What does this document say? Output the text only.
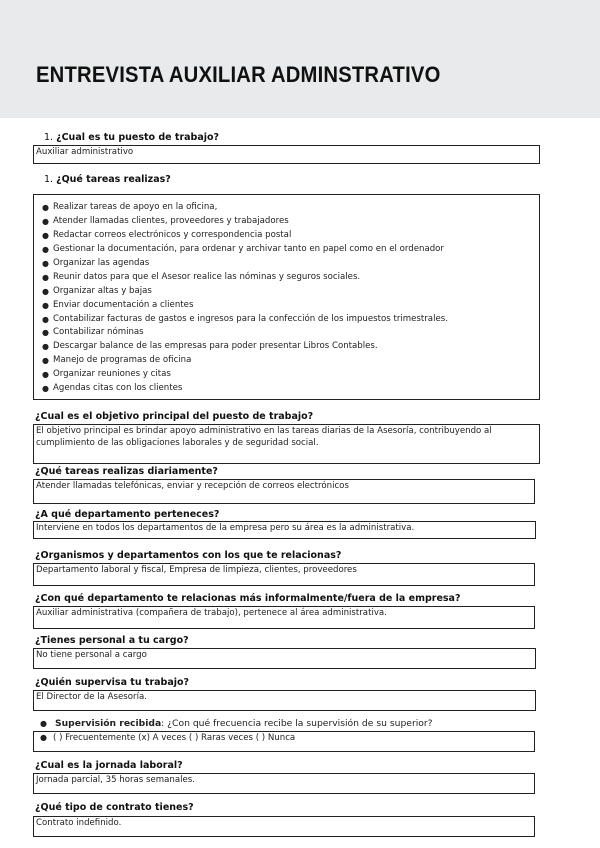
ENTREVISTA AUXILIAR ADMINSTRATIVO
1. ¿Cual es tu puesto de trabajo?
Auxiliar administrativo
1. ¿Qué tareas realizas?
● Realizar tareas de apoyo en la oficina,
● Atender llamadas clientes, proveedores y trabajadores
● Redactar correos electrónicos y correspondencia postal
● Gestionar la documentación, para ordenar y archivar tanto en papel como en el ordenador
● Organizar las agendas
● Reunir datos para que el Asesor realice las nóminas y seguros sociales.
● Organizar altas y bajas
● Enviar documentación a clientes
● Contabilizar facturas de gastos e ingresos para la confección de los impuestos trimestrales.
● Contabilizar nóminas
● Descargar balance de las empresas para poder presentar Libros Contables.
● Manejo de programas de oficina
● Organizar reuniones y citas
● Agendas citas con los clientes
¿Cual es el objetivo principal del puesto de trabajo?
El objetivo principal es brindar apoyo administrativo en las tareas diarias de la Asesoría, contribuyendo al
cumplimiento de las obligaciones laborales y de seguridad social.
¿Qué tareas realizas diariamente?
Atender llamadas telefónicas, enviar y recepción de correos electrónicos
¿A qué departamento perteneces?
Interviene en todos los departamentos de la empresa pero su área es la administrativa.
¿Organismos y departamentos con los que te relacionas?
Departamento laboral y fiscal, Empresa de limpieza, clientes, proveedores
¿Con qué departamento te relacionas más informalmente/fuera de la empresa?
Auxiliar administrativa (compañera de trabajo), pertenece al área administrativa.
¿Tienes personal a tu cargo?
No tiene personal a cargo
¿Quién supervisa tu trabajo?
El Director de la Asesoría.
● Supervisión recibida: ¿Con qué frecuencia recibe la supervisión de su superior?
● ( ) Frecuentemente (x) A veces ( ) Raras veces ( ) Nunca
¿Cual es la jornada laboral?
Jornada parcial, 35 horas semanales.
¿Qué tipo de contrato tienes?
Contrato indefinido.
